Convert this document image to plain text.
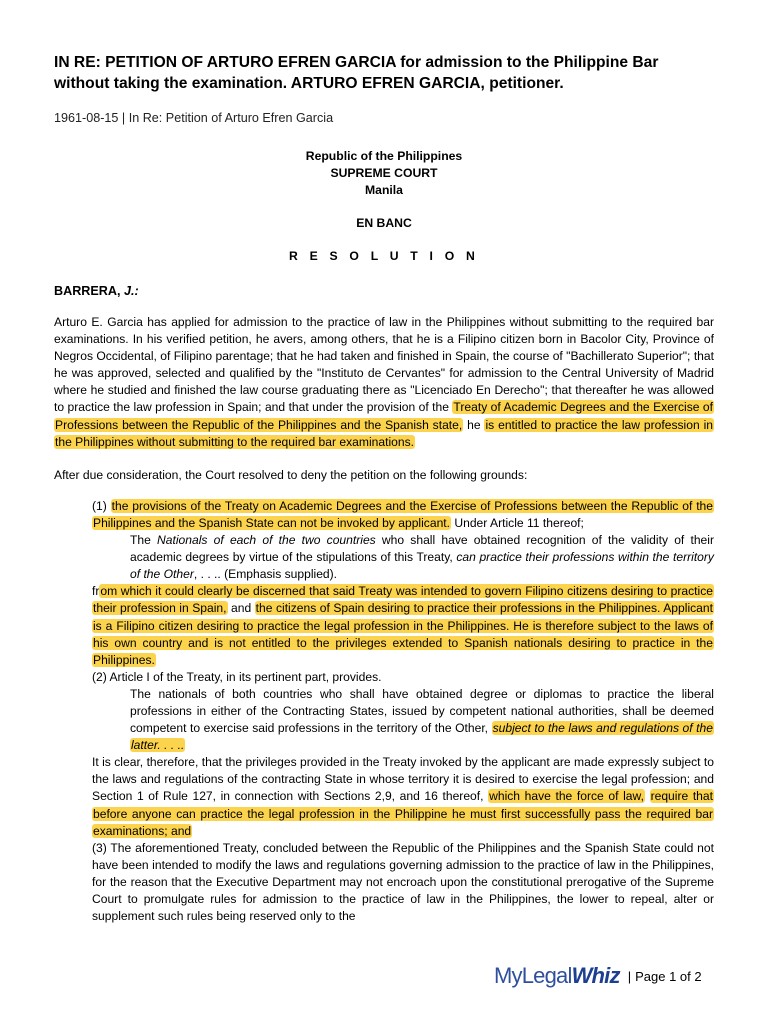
IN RE: PETITION OF ARTURO EFREN GARCIA for admission to the Philippine Bar
without taking the examination. ARTURO EFREN GARCIA, petitioner.
1961-08-15 | In Re: Petition of Arturo Efren Garcia
Republic of the Philippines
SUPREME COURT
Manila
EN BANC
R E S O L U T I O N
BARRERA, J.:

Arturo E. Garcia has applied for admission to the practice of law in the Philippines without submitting to the required bar examinations. In his verified petition, he avers, among others, that he is a Filipino citizen born in Bacolor City, Province of Negros Occidental, of Filipino parentage; that he had taken and finished in Spain, the course of "Bachillerato Superior"; that he was approved, selected and qualified by the "Instituto de Cervantes" for admission to the Central University of Madrid where he studied and finished the law course graduating there as "Licenciado En Derecho"; that thereafter he was allowed to practice the law profession in Spain; and that under the provision of the Treaty of Academic Degrees and the Exercise of Professions between the Republic of the Philippines and the Spanish state, he is entitled to practice the law profession in the Philippines without submitting to the required bar examinations.

After due consideration, the Court resolved to deny the petition on the following grounds:

(1) the provisions of the Treaty on Academic Degrees and the Exercise of Professions between the Republic of the Philippines and the Spanish State can not be invoked by applicant. Under Article 11 thereof;

The Nationals of each of the two countries who shall have obtained recognition of the validity of their academic degrees by virtue of the stipulations of this Treaty, can practice their professions within the territory of the Other, . . .. (Emphasis supplied).

from which it could clearly be discerned that said Treaty was intended to govern Filipino citizens desiring to practice their profession in Spain, and the citizens of Spain desiring to practice their professions in the Philippines. Applicant is a Filipino citizen desiring to practice the legal profession in the Philippines. He is therefore subject to the laws of his own country and is not entitled to the privileges extended to Spanish nationals desiring to practice in the Philippines.

(2) Article I of the Treaty, in its pertinent part, provides.

The nationals of both countries who shall have obtained degree or diplomas to practice the liberal professions in either of the Contracting States, issued by competent national authorities, shall be deemed competent to exercise said professions in the territory of the Other, subject to the laws and regulations of the latter. . . ..

It is clear, therefore, that the privileges provided in the Treaty invoked by the applicant are made expressly subject to the laws and regulations of the contracting State in whose territory it is desired to exercise the legal profession; and Section 1 of Rule 127, in connection with Sections 2,9, and 16 thereof, which have the force of law, require that before anyone can practice the legal profession in the Philippine he must first successfully pass the required bar examinations; and

(3) The aforementioned Treaty, concluded between the Republic of the Philippines and the Spanish State could not have been intended to modify the laws and regulations governing admission to the practice of law in the Philippines, for the reason that the Executive Department may not encroach upon the constitutional prerogative of the Supreme Court to promulgate rules for admission to the practice of law in the Philippines, the lower to repeal, alter or supplement such rules being reserved only to the

MyLegalWhiz | Page 1 of 2
